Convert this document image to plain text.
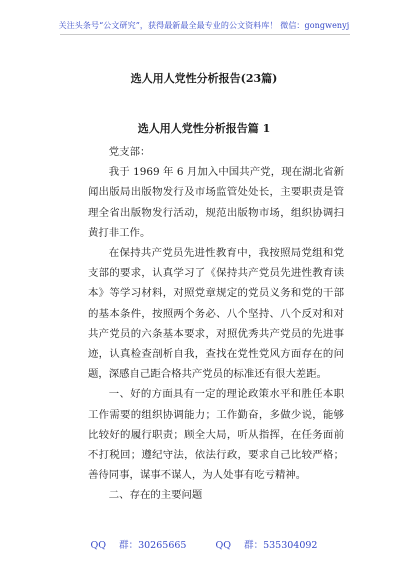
关注头条号“公文研究”，获得最新最全最专业的公文资料库！ 微信：gongwenyj
选人用人党性分析报告(23篇)
选人用人党性分析报告篇 1

党支部：

我于 1969 年 6 月加入中国共产党，现在湖北省新闻出版局出版物发行及市场监管处处长，主要职责是管理全省出版物发行活动，规范出版物市场，组织协调扫黄打非工作。

在保持共产党员先进性教育中，我按照局党组和党支部的要求，认真学习了《保持共产党员先进性教育读本》等学习材料，对照党章规定的党员义务和党的干部的基本条件，按照两个务必、八个坚持、八个反对和对共产党员的六条基本要求，对照优秀共产党员的先进事迹，认真检查剖析自我，查找在党性党风方面存在的问题，深感自己距合格共产党员的标准还有很大差距。

一、好的方面具有一定的理论政策水平和胜任本职工作需要的组织协调能力；工作勤奋，多做少说，能够比较好的履行职责；顾全大局，听从指挥，在任务面前不打税回；遵纪守法，依法行政，要求自己比较严格；善待同事，谋事不谋人，为人处事有吃亏精神。

二、存在的主要问题

QQ 群：30265665	QQ 群：535304092
